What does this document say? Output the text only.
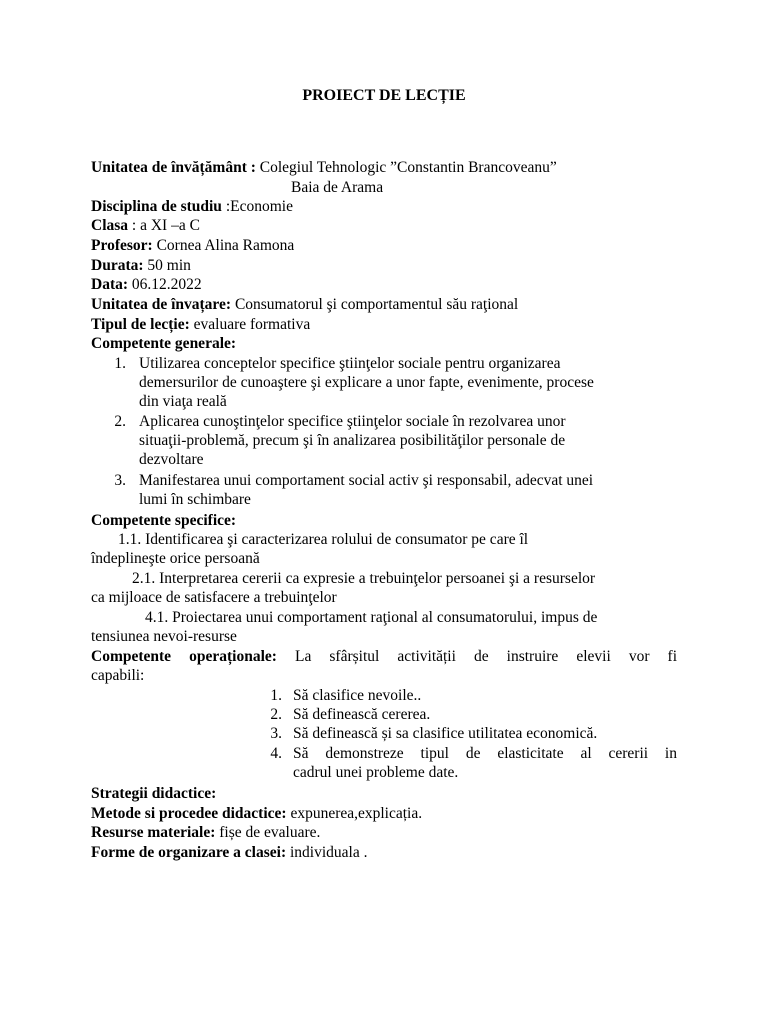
PROIECT DE LECȚIE
Unitatea de învățământ : Colegiul Tehnologic ”Constantin Brancoveanu”
Baia de Arama
Disciplina de studiu :Economie
Clasa : a XI –a C
Profesor: Cornea Alina Ramona
Durata: 50 min
Data: 06.12.2022
Unitatea de învațare: Consumatorul şi comportamentul său raţional
Tipul de lecție: evaluare formativa
Competente generale:
1. Utilizarea conceptelor specifice ştiinţelor sociale pentru organizarea
demersurilor de cunoaştere şi explicare a unor fapte, evenimente, procese
din viaţa reală
2. Aplicarea cunoştinţelor specifice ştiinţelor sociale în rezolvarea unor
situaţii-problemă, precum şi în analizarea posibilităţilor personale de
dezvoltare
3. Manifestarea unui comportament social activ şi responsabil, adecvat unei
lumi în schimbare
Competente specifice:
1.1. Identificarea şi caracterizarea rolului de consumator pe care îl
îndeplineşte orice persoană
2.1. Interpretarea cererii ca expresie a trebuinţelor persoanei şi a resurselor
ca mijloace de satisfacere a trebuinţelor
4.1. Proiectarea unui comportament raţional al consumatorului, impus de
tensiunea nevoi-resurse
Competente operaționale: La sfârșitul activității de instruire elevii vor fi
capabili:
1. Să clasifice nevoile..
2. Să definească cererea.
3. Să definească și sa clasifice utilitatea economică.
4. Să demonstreze tipul de elasticitate al cererii in
cadrul unei probleme date.
Strategii didactice:
Metode si procedee didactice: expunerea,explicația.
Resurse materiale: fișe de evaluare.
Forme de organizare a clasei: individuala .
